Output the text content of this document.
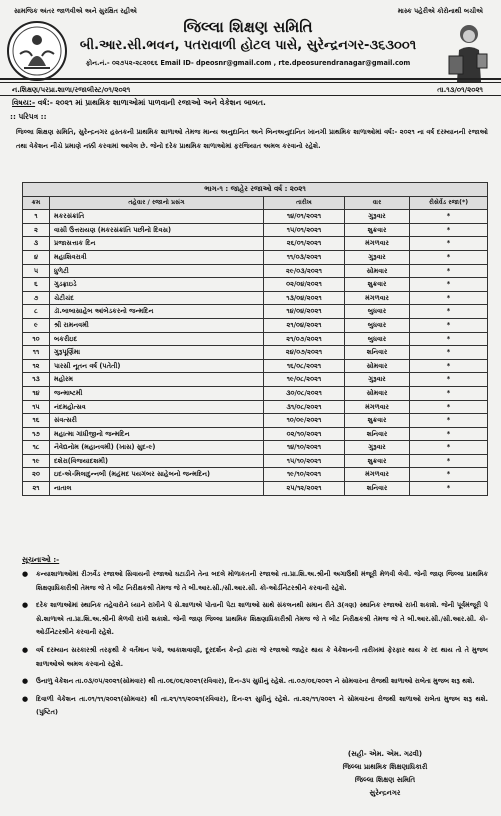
સામજિક અંતર જાળવીએ અને સુરક્ષિત રહીએ	માસ્ક પહેરીએ કોરોનાથી બચીએ
જિલ્લા શિક્ષણ સમિતિ
બી.આર.સી.ભવન, પતરાવાળી હોટલ પાસે, સુરેન્દ્રનગર-૩૬૩૦૦૧
ફોન.નં.- ૦૨૭૫૨-૨૮૨૦૬૬ Email ID- dpeosnr@gmail.com , rte.dpeosurendranagar@gmail.com
ન.શિક્ષણ/પરપ્રા.શાળા/રજાલીસ્ટ/૦૧/૨૦૨૧	તા.૧૩/૦૧/૨૦૨૧
વિષય:- વર્ષ:- ૨૦૨૧ માં પ્રાથમિક શાળાઓમાં પાળવાની રજાઓ અને વેકેશન બાબત.
:: પરિપત્ર ::
જિલ્લા શિક્ષણ સમિતિ, સુરેન્દ્રનગર હસ્તકની પ્રાથમિક શાળાઓ તેમજ માન્ય અનુદાનિત અને બિનઅનુદાનિત ખાનગી પ્રાથમિક શાળાઓમાં વર્ષ:- ૨૦૨૧ ના વર્ષ દરમ્યાનની રજાઓ તથા વેકેશન નીચે પ્રમાણે નક્કી કરવામાં આવેલ છે. જેનો દરેક પ્રાથમિક શાળાઓમાં ફરજિયાત અમલ કરવાનો રહેશે.
ભાગ-૧ : જાહેર રજાઓ વર્ષ : ૨૦૨૧				
ક્રમ	તહેવાર / રજાનો પ્રસંગ	તારીખ	વાર	રીસેર્વેડ રજા(*)
૧	મકરસંક્રાંતિ	૧૪/૦૧/૨૦૨૧	ગુરૂવાર	*
૨	વાસી ઉત્તરાયણ (મકરસંક્રાંતિ પછીનો દિવસ)	૧૫/૦૧/૨૦૨૧	શુક્રવાર	*
૩	પ્રજાસત્તાક દિન	૨૬/૦૧/૨૦૨૧	મંગળવાર	*
૪	મહાશિવરાત્રી	૧૧/૦૩/૨૦૨૧	ગુરૂવાર	*
૫	ધુળેટી	૨૯/૦૩/૨૦૨૧	સોમવાર	*
૬	ગુડફ્રાઇડે	૦૨/૦૪/૨૦૨૧	શુક્રવાર	*
૭	ચેટીચંદ	૧૩/૦૪/૨૦૨૧	મંગળવાર	*
૮	ડૉ.બાબાસાહેબ આંબેડકરનો જન્મદિન	૧૪/૦૪/૨૦૨૧	બુધવાર	*
૯	શ્રી રામનવમી	૨૧/૦૪/૨૦૨૧	બુધવાર	*
૧૦	બકરીઇદ	૨૧/૦૭/૨૦૨૧	બુધવાર	*
૧૧	ગુરૂપૂર્ણિમા	૨૪/૦૭/૨૦૨૧	શનિવાર	*
૧૨	પારસી નૂતન વર્ષ (પતેતી)	૧૬/૦૮/૨૦૨૧	સોમવાર	*
૧૩	મહોરમ	૧૯/૦૮/૨૦૨૧	ગુરૂવાર	*
૧૪	જન્માષ્ટમી	૩૦/૦૮/૨૦૨૧	સોમવાર	*
૧૫	નંદમહોત્સવ	૩૧/૦૮/૨૦૨૧	મંગળવાર	*
૧૬	સંવત્સરી	૧૦/૦૯/૨૦૨૧	શુક્રવાર	*
૧૭	મહાત્મા ગાંધીજીનો જન્મદિન	૦૨/૧૦/૨૦૨૧	શનિવાર	*
૧૮	નૈવેદ્યનોમ (મહાનવમી) (ખાસ) સુદ-૯)	૧૪/૧૦/૨૦૨૧	ગુરૂવાર	*
૧૯	દશેરા(વિજયાદશમી)	૧૫/૧૦/૨૦૨૧	શુક્રવાર	*
૨૦	ઇદ-એ-મિલાદુન્નબી (મહંમદ પયગંબર સાહેબનો જન્મદિન)	૧૯/૧૦/૨૦૨૧	મંગળવાર	*
૨૧	નાતાલ	૨૫/૧૨/૨૦૨૧	શનિવાર	*
સૂચનાઓ :-
● કન્યાશાળાઓમાં રીઝર્વેડ રજાઓ સિવાયની રજાઓ ઘટાડીને તેના બદલે મોળાકતની રજાઓ તા.પ્રા.શિ.અ.શ્રીની અગાઉથી મંજૂરી મેળવી લેવી. જેની જાણ જિલ્લા પ્રાથમિક શિક્ષણાધિકારીશ્રી તેમજ જે તે બીટ નિરીક્ષકશ્રી તેમજ જે તે બી.આર.સી./સી.આર.સી. કો-ઓર્ડીનેટરશ્રીને કરવાની રહેશે.
● દરેક શાળાઓમાં સ્થાનિક તહેવારોને ધ્યાને રાખીને પે સે.શાળાએ પોતાની પેટા શાળાઓ સાથે સંકલનથી સમાન રીતે ૩(ત્રણ) સ્થાનિક રજાઓ રાખી શકાશે. જેની પૂર્વમંજૂરી પે સે.શાળાએ તા.પ્રા.શિ.અ.શ્રીની મેળવી રાખી શકાશે. જેની જાણ જિલ્લા પ્રાથમિક શિક્ષણાધિકારીશ્રી તેમજ જે તે બીટ નિરીક્ષકશ્રી તેમજ જે તે બી.આર.સી./સી.આર.સી. કો-ઓર્ડીનેટરશ્રીને કરવાની રહેશે.
● વર્ષ દરમ્યાન સરકારશ્રી તરફથી કે વર્તમાન પત્રો, આકાશવાણી, દૂરદર્શન કેન્દ્રો દ્વારા જે રજાઓ જાહેર થાય કે વેકેશનની તારીખમાં ફેરફાર થાય કે રદ થાય તો તે મુજબ શાળાઓએ અમલ કરવાનો રહેશે.
● ઉનાળુ વેકેશન તા.૦૩/૦૫/૨૦૨૧(સોમવાર) થી તા.૦૬/૦૬/૨૦૨૧(રવિવાર), દિન-૩૫ સુધીનું રહેશે. તા.૦૭/૦૬/૨૦૨૧ ને સોમવારના રોજથી શાળાઓ રાબેતા મુજબ શરૂ થશે.
● દિવાળી વેકેશન તા.૦૧/૧૧/૨૦૨૧(સોમવાર) થી તા.૨૧/૧૧/૨૦૨૧(રવિવાર), દિન-૨૧ સુધીનું રહેશે. તા.૨૨/૧૧/૨૦૨૧ ને સોમવારના રોજથી શાળાઓ રાબેતા મુજબ શરૂ થશે.(પુષ્ટિત)
(સહી- એમ. એમ. ગઢવી)
જિલ્લા પ્રાથમિક શિક્ષણાધિકારી
જિલ્લા શિક્ષણ સમિતિ
સુરેન્દ્રનગર
